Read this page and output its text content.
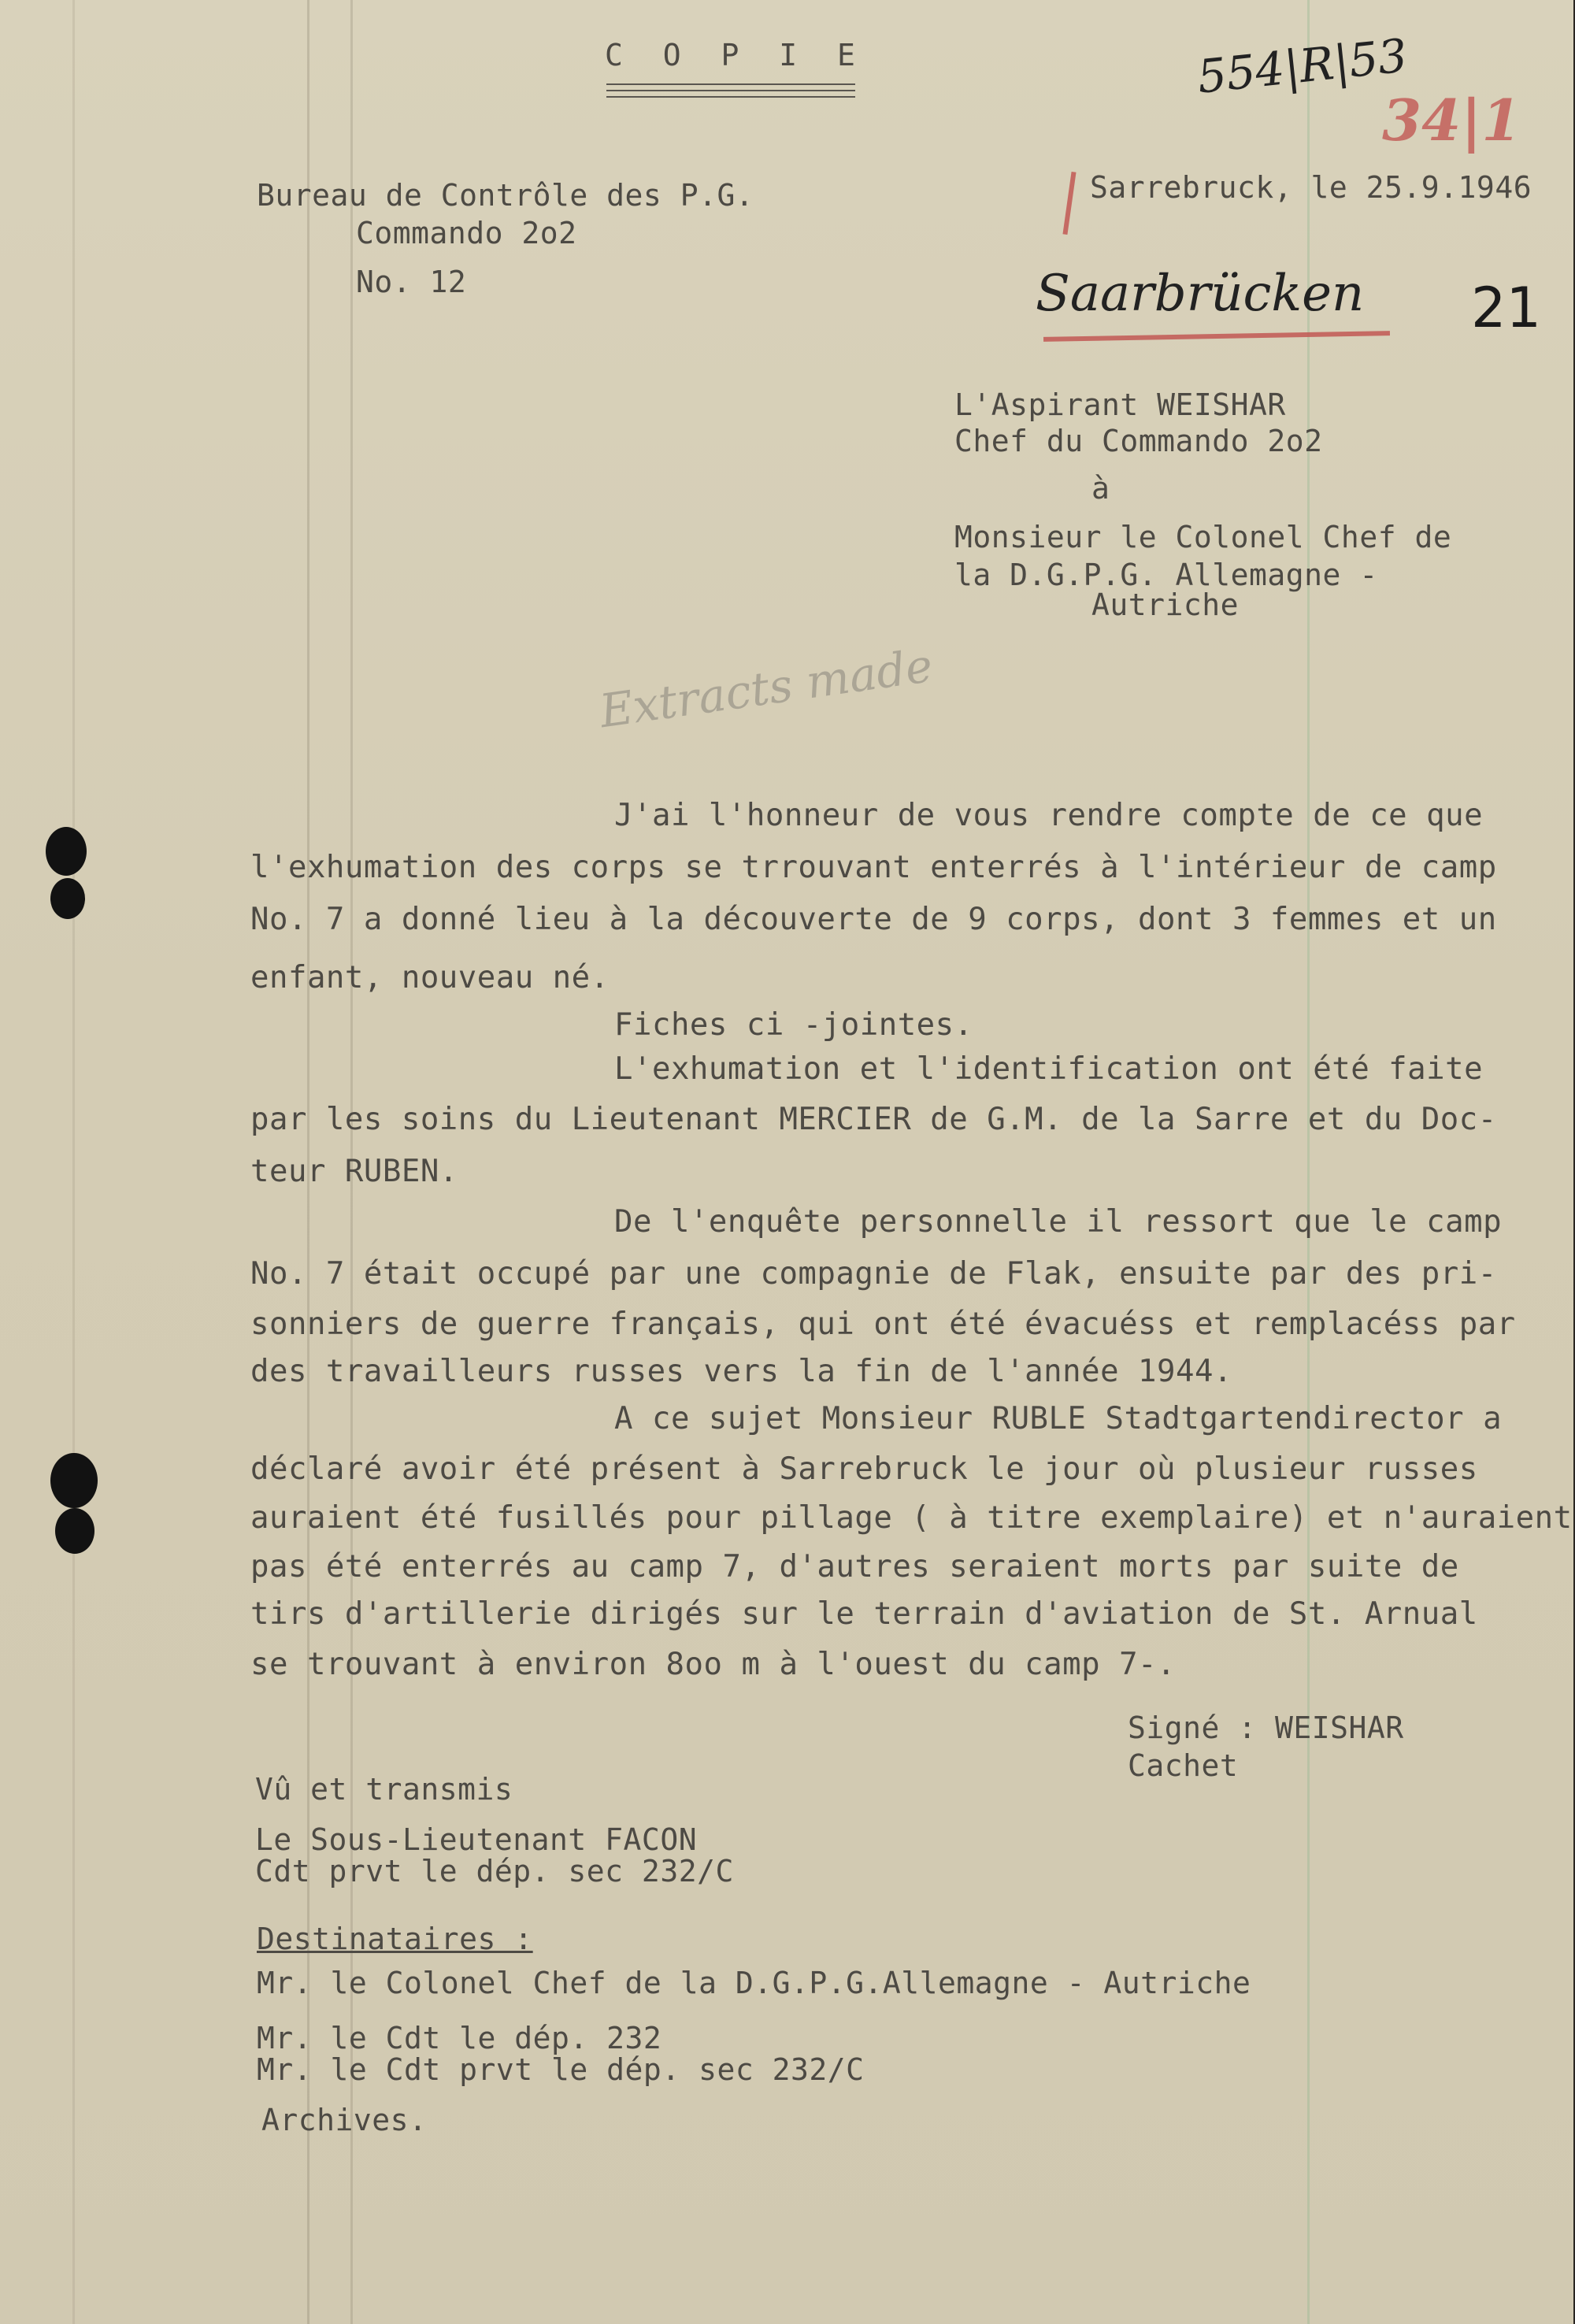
C O P I E	554|R|53

34|1

Bureau de Contrôle des P.G.

Commando 2o2

No. 12

Sarrebruck, le 25.9.1946

Saarbrücken 21

L'Aspirant WEISHAR

Chef du Commando 2o2

à

Monsieur le Colonel Chef de

la D.G.P.G. Allemagne -

Autriche

Extracts made

J'ai l'honneur de vous rendre compte de ce que

l'exhumation des corps se trrouvant enterrés à l'intérieur de camp

No. 7 a donné lieu à la découverte de 9 corps, dont 3 femmes et un

enfant, nouveau né.

Fiches ci -jointes.

L'exhumation et l'identification ont été faite

par les soins du Lieutenant MERCIER de G.M. de la Sarre et du Doc-

teur RUBEN.

De l'enquête personnelle il ressort que le camp

No. 7 était occupé par une compagnie de Flak, ensuite par des pri-

sonniers de guerre français, qui ont été évacuéss et remplacéss par

des travailleurs russes vers la fin de l'année 1944.

A ce sujet Monsieur RUBLE Stadtgartendirector a

déclaré avoir été présent à Sarrebruck le jour où plusieur russes

auraient été fusillés pour pillage ( à titre exemplaire) et n'auraient

pas été enterrés au camp 7, d'autres seraient morts par suite de

tirs d'artillerie dirigés sur le terrain d'aviation de St. Arnual

se trouvant à environ 8oo m à l'ouest du camp 7-.

Signé : WEISHAR

Cachet

Vû et transmis

Le Sous-Lieutenant FACON

Cdt prvt le dép. sec 232/C

Destinataires :

Mr. le Colonel Chef de la D.G.P.G.Allemagne - Autriche

Mr. le Cdt le dép. 232

Mr. le Cdt prvt le dép. sec 232/C

Archives.
